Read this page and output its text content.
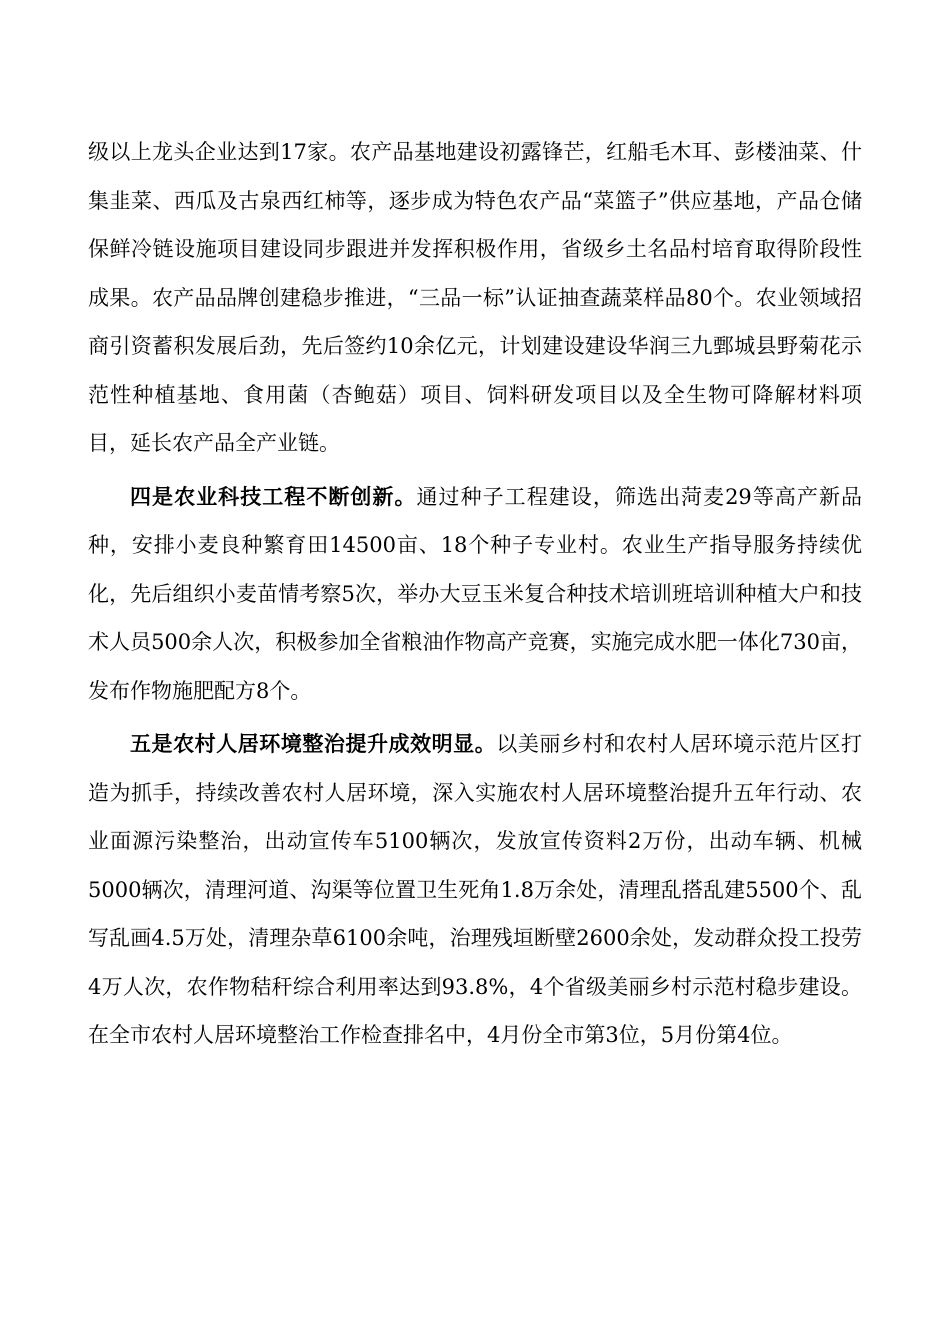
级以上龙头企业达到17家。农产品基地建设初露锋芒，红船毛木耳、彭楼油菜、什集韭菜、西瓜及古泉西红柿等，逐步成为特色农产品“菜篮子”供应基地，产品仓储保鲜冷链设施项目建设同步跟进并发挥积极作用，省级乡土名品村培育取得阶段性成果。农产品品牌创建稳步推进，“三品一标”认证抽查蔬菜样品80个。农业领域招商引资蓄积发展后劲，先后签约10余亿元，计划建设建设华润三九鄄城县野菊花示范性种植基地、食用菌（杏鲍菇）项目、饲料研发项目以及全生物可降解材料项目，延长农产品全产业链。

四是农业科技工程不断创新。通过种子工程建设，筛选出菏麦29等高产新品种，安排小麦良种繁育田14500亩、18个种子专业村。农业生产指导服务持续优化，先后组织小麦苗情考察5次，举办大豆玉米复合种技术培训班培训种植大户和技术人员500余人次，积极参加全省粮油作物高产竞赛，实施完成水肥一体化730亩，发布作物施肥配方8个。

五是农村人居环境整治提升成效明显。以美丽乡村和农村人居环境示范片区打造为抓手，持续改善农村人居环境，深入实施农村人居环境整治提升五年行动、农业面源污染整治，出动宣传车5100辆次，发放宣传资料2万份，出动车辆、机械5000辆次，清理河道、沟渠等位置卫生死角1.8万余处，清理乱搭乱建5500个、乱写乱画4.5万处，清理杂草6100余吨，治理残垣断壁2600余处，发动群众投工投劳4万人次，农作物秸秆综合利用率达到93.8%，4个省级美丽乡村示范村稳步建设。在全市农村人居环境整治工作检查排名中，4月份全市第3位，5月份第4位。
